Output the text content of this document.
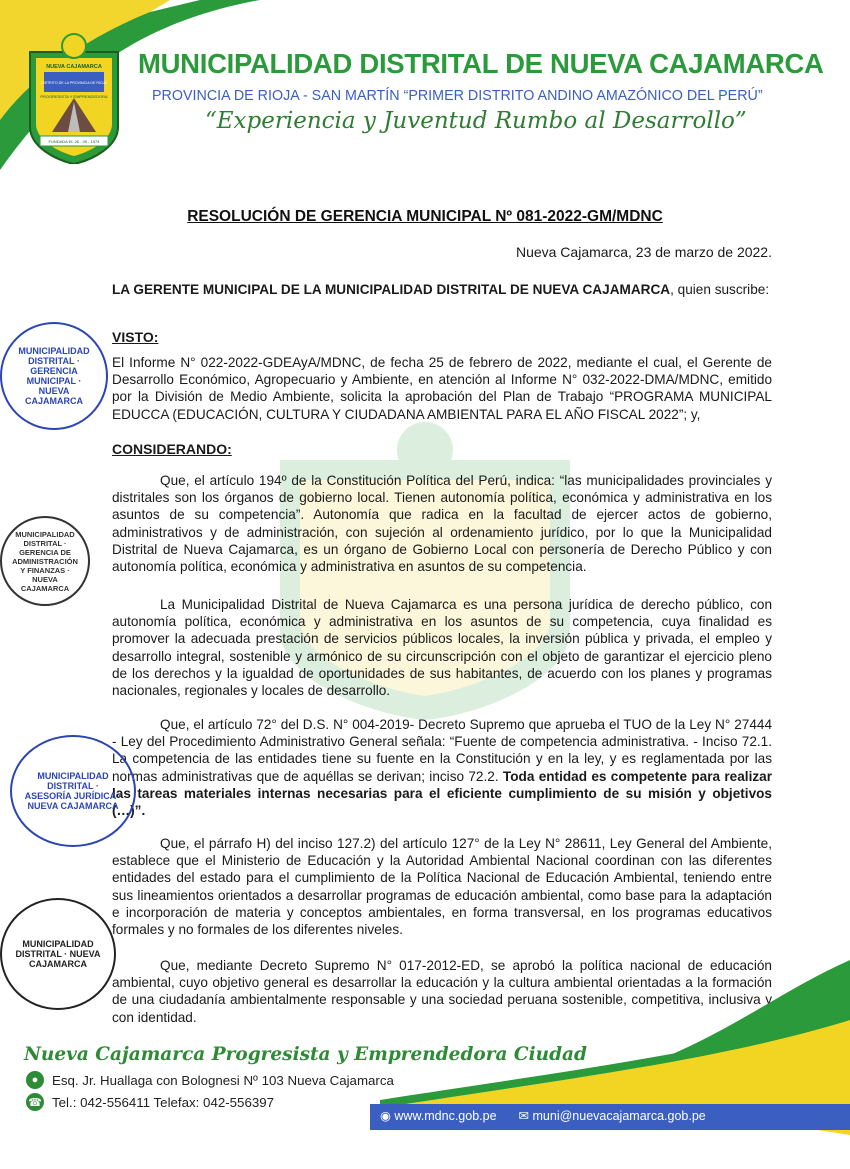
NUEVA CAJAMARCA
PROGRESISTA Y EMPRENDEDORA
DISTRITO DE LA PROVINCIA DE RIOJA
FUNDADA EL 26 - 09 - 1974
MUNICIPALIDAD DISTRITAL DE NUEVA CAJAMARCA
PROVINCIA DE RIOJA - SAN MARTÍN “PRIMER DISTRITO ANDINO AMAZÓNICO DEL PERÚ”
“Experiencia y Juventud Rumbo al Desarrollo”
RESOLUCIÓN DE GERENCIA MUNICIPAL Nº 081-2022-GM/MDNC
Nueva Cajamarca, 23 de marzo de 2022.

LA GERENTE MUNICIPAL DE LA MUNICIPALIDAD DISTRITAL DE NUEVA CAJAMARCA, quien suscribe:

VISTO:

El Informe N° 022-2022-GDEAyA/MDNC, de fecha 25 de febrero de 2022, mediante el cual, el Gerente de Desarrollo Económico, Agropecuario y Ambiente, en atención al Informe N° 032-2022-DMA/MDNC, emitido por la División de Medio Ambiente, solicita la aprobación del Plan de Trabajo “PROGRAMA MUNICIPAL EDUCCA (EDUCACIÓN, CULTURA Y CIUDADANA AMBIENTAL PARA EL AÑO FISCAL 2022”; y,

CONSIDERANDO:

Que, el artículo 194º de la Constitución Política del Perú, indica: “las municipalidades provinciales y distritales son los órganos de gobierno local. Tienen autonomía política, económica y administrativa en los asuntos de su competencia”. Autonomía que radica en la facultad de ejercer actos de gobierno, administrativos y de administración, con sujeción al ordenamiento jurídico, por lo que la Municipalidad Distrital de Nueva Cajamarca, es un órgano de Gobierno Local con personería de Derecho Público y con autonomía política, económica y administrativa en asuntos de su competencia.

La Municipalidad Distrital de Nueva Cajamarca es una persona jurídica de derecho público, con autonomía política, económica y administrativa en los asuntos de su competencia, cuya finalidad es promover la adecuada prestación de servicios públicos locales, la inversión pública y privada, el empleo y desarrollo integral, sostenible y armónico de su circunscripción con el objeto de garantizar el ejercicio pleno de los derechos y la igualdad de oportunidades de sus habitantes, de acuerdo con los planes y programas nacionales, regionales y locales de desarrollo.

Que, el artículo 72° del D.S. N° 004-2019- Decreto Supremo que aprueba el TUO de la Ley N° 27444 - Ley del Procedimiento Administrativo General señala: “Fuente de competencia administrativa. - Inciso 72.1. La competencia de las entidades tiene su fuente en la Constitución y en la ley, y es reglamentada por las normas administrativas que de aquéllas se derivan; inciso 72.2. Toda entidad es competente para realizar las tareas materiales internas necesarias para el eficiente cumplimiento de su misión y objetivos (…)”.

Que, el párrafo H) del inciso 127.2) del artículo 127° de la Ley N° 28611, Ley General del Ambiente, establece que el Ministerio de Educación y la Autoridad Ambiental Nacional coordinan con las diferentes entidades del estado para el cumplimiento de la Política Nacional de Educación Ambiental, teniendo entre sus lineamientos orientados a desarrollar programas de educación ambiental, como base para la adaptación e incorporación de materia y conceptos ambientales, en forma transversal, en los programas educativos formales y no formales de los diferentes niveles.

Que, mediante Decreto Supremo N° 017-2012-ED, se aprobó la política nacional de educación ambiental, cuyo objetivo general es desarrollar la educación y la cultura ambiental orientadas a la formación de una ciudadanía ambientalmente responsable y una sociedad peruana sostenible, competitiva, inclusiva y con identidad.

MUNICIPALIDAD DISTRITAL · GERENCIA MUNICIPAL · NUEVA CAJAMARCA
MUNICIPALIDAD DISTRITAL · GERENCIA DE ADMINISTRACIÓN Y FINANZAS · NUEVA CAJAMARCA
MUNICIPALIDAD DISTRITAL · ASESORÍA JURÍDICA · NUEVA CAJAMARCA
MUNICIPALIDAD DISTRITAL · NUEVA CAJAMARCA
Nueva Cajamarca Progresista y Emprendedora Ciudad
●	Esq. Jr. Huallaga con Bolognesi Nº 103 Nueva Cajamarca
☎ Tel.: 042-556411 Telefax: 042-556397
◉ www.mdnc.gob.pe ✉ muni@nuevacajamarca.gob.pe
